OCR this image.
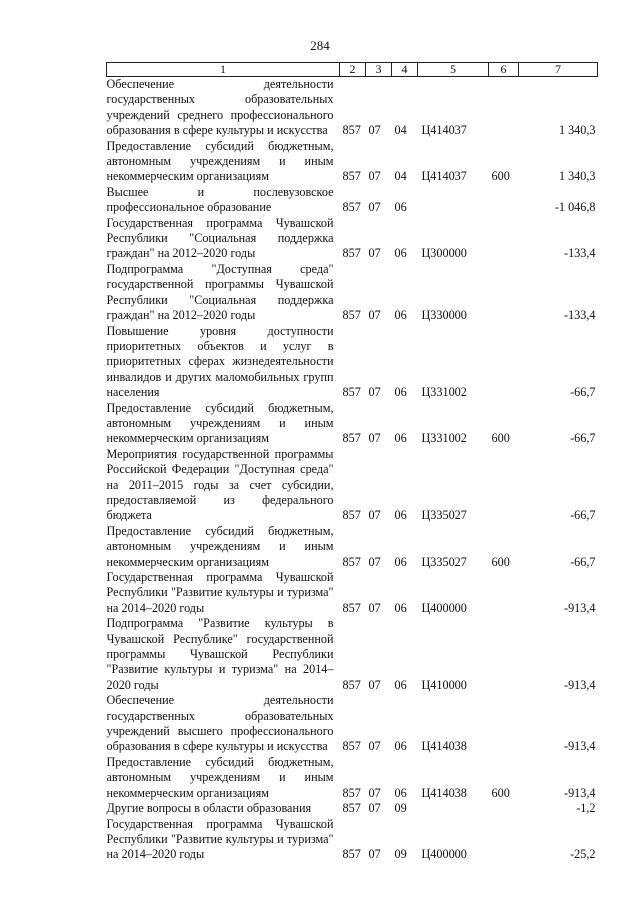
284
1	2	3	4	5	6	7
Обеспечение деятельности государственных образовательных учреждений среднего профессионального образования в сфере культуры и искусства	857	07	04	Ц414037		1 340,3
Предоставление субсидий бюджетным, автономным учреждениям и иным некоммерческим организациям	857	07	04	Ц414037	600	1 340,3
Высшее и послевузовское профессиональное образование	857	07	06			-1 046,8
Государственная программа Чувашской Республики "Социальная поддержка граждан" на 2012–2020 годы	857	07	06	Ц300000		-133,4
Подпрограмма "Доступная среда" государственной программы Чувашской Республики "Социальная поддержка граждан" на 2012–2020 годы	857	07	06	Ц330000		-133,4
Повышение уровня доступности приоритетных объектов и услуг в приоритетных сферах жизнедеятельности инвалидов и других маломобильных групп населения	857	07	06	Ц331002		-66,7
Предоставление субсидий бюджетным, автономным учреждениям и иным некоммерческим организациям	857	07	06	Ц331002	600	-66,7
Мероприятия государственной программы Российской Федерации "Доступная среда" на 2011–2015 годы за счет субсидии, предоставляемой из федерального бюджета	857	07	06	Ц335027		-66,7
Предоставление субсидий бюджетным, автономным учреждениям и иным некоммерческим организациям	857	07	06	Ц335027	600	-66,7
Государственная программа Чувашской Республики "Развитие культуры и туризма" на 2014–2020 годы	857	07	06	Ц400000		-913,4
Подпрограмма "Развитие культуры в Чувашской Республике" государственной программы Чувашской Республики "Развитие культуры и туризма" на 2014–2020 годы	857	07	06	Ц410000		-913,4
Обеспечение деятельности государственных образовательных учреждений высшего профессионального образования в сфере культуры и искусства	857	07	06	Ц414038		-913,4
Предоставление субсидий бюджетным, автономным учреждениям и иным некоммерческим организациям	857	07	06	Ц414038	600	-913,4
Другие вопросы в области образования	857	07	09			-1,2
Государственная программа Чувашской Республики "Развитие культуры и туризма" на 2014–2020 годы	857	07	09	Ц400000		-25,2
